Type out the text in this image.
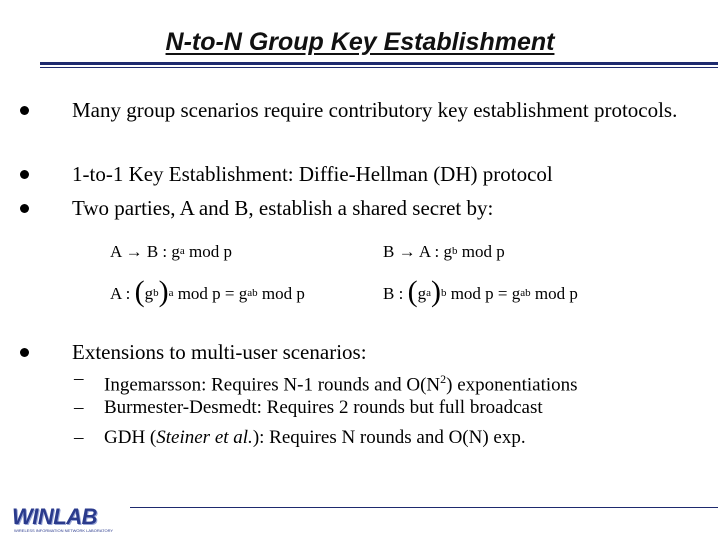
N-to-N Group Key Establishment
Many group scenarios require contributory key establishment protocols.
1-to-1 Key Establishment: Diffie-Hellman (DH) protocol
Two parties, A and B, establish a shared secret by:
A → B : $g^a$ mod p	B → A : $g^b$ mod p
A : $(g^b)^a$ mod $p = g^{ab}$ mod p	B : $(g^a)^b$ mod $p = g^{ab}$ mod p
Extensions to multi-user scenarios:
– Ingemarsson: Requires N-1 rounds and $O(N^2)$ exponentiations
– Burmester-Desmedt: Requires 2 rounds but full broadcast
– GDH (Steiner et al.): Requires N rounds and O(N) exp.
WINLAB
WIRELESS INFORMATION NETWORK LABORATORY
